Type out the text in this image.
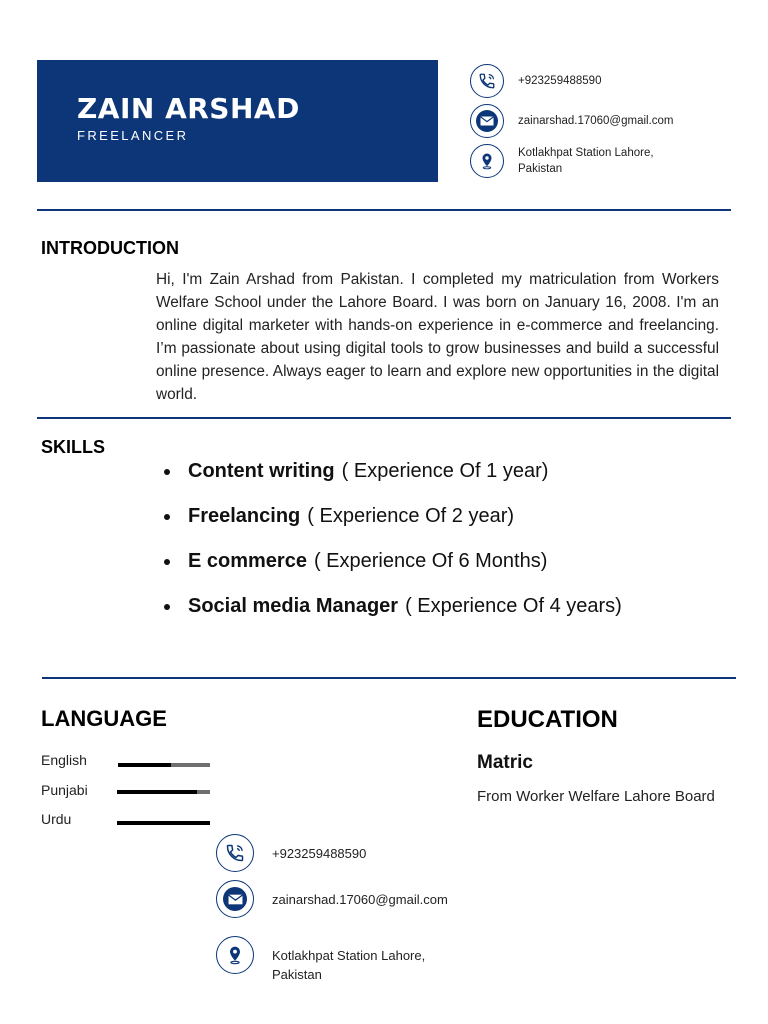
ZAIN ARSHAD
FREELANCER
+923259488590
zainarshad.17060@gmail.com
Kotlakhpat Station Lahore,
Pakistan
INTRODUCTION
Hi, I'm Zain Arshad from Pakistan. I completed my matriculation from Workers Welfare School under the Lahore Board. I was born on January 16, 2008. I'm an online digital marketer with hands-on experience in e-commerce and freelancing. I’m passionate about using digital tools to grow businesses and build a successful online presence. Always eager to learn and explore new opportunities in the digital world.
SKILLS
Content writing ( Experience Of 1 year)
Freelancing ( Experience Of 2 year)
E commerce ( Experience Of 6 Months)
Social media Manager ( Experience Of 4 years)
LANGUAGE
English
Punjabi
Urdu
EDUCATION
Matric
From Worker Welfare Lahore Board
+923259488590
zainarshad.17060@gmail.com
Kotlakhpat Station Lahore,
Pakistan
